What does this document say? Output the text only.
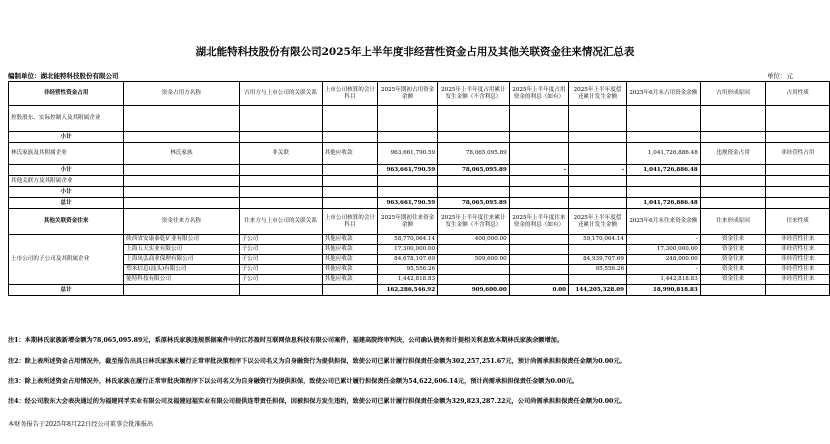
湖北能特科技股份有限公司2025年上半年度非经营性资金占用及其他关联资金往来情况汇总表
编制单位：湖北能特科技股份有限公司	单位：元
非经营性资金占用	资金占用方名称	占用方与上市公司的关联关系	上市公司核算的会计科目	2025年期初占用资金余额	2025年上半年度占用累计发生金额（不含利息）	2025年上半年度占用资金的利息（如有）	2025年上半年度偿还累计发生金额	2025年6月末占用资金余额	占用形成原因	占用性质
控股股东、实际控制人及其附属企业										
小计										
林氏家族及其附属企业	林氏家族	非关联	其他应收款	963,661,790.59	78,065,095.89			1,041,726,886.48	违规资金占用	非经营性占用
小计				963,661,790.59	78,065,095.89	-	-	1,041,726,886.48		
其他关联方及其附属企业										
小计										
总计				963,661,790.59	78,065,095.89			1,041,726,886.48		
其他关联资金往来	资金往来方名称	往来方与上市公司的关联关系	上市公司核算的会计科目	2025年期初往来资金余额	2025年上半年度往来累计发生金额（不含利息）	2025年上半年度往来资金的利息（如有）	2025年上半年度偿还累计发生金额	2025年6月末往来资金余额	往来形成原因	往来性质
上市公司的子公司及其附属企业	陕西省安康秦乾矿业有限公司	子公司	其他应收款	58,770,064.14	400,000.00		59,170,064.14	-	资金往来	非经营性往来
	上海五天实业有限公司	子公司	其他应收款	17,300,000.00				17,300,000.00	资金往来	非经营性往来
	上海凤弘商业保理有限公司	子公司	其他应收款	84,678,107.69	509,600.00		84,939,707.69	248,000.00	资金往来	非经营性往来
	塑米信息(汕头)有限公司	子公司	其他应收款	95,556.26			95,556.26	-	资金往来	非经营性往来
	能特科技有限公司	子公司	其他应收款	1,442,818.83				1,442,818.83	资金往来	非经营性往来
总计				162,286,546.92	909,600.00	0.00	144,205,328.09	18,990,818.83		
注1：本期林氏家族新增金额为78,065,095.89元，系原林氏家族违规票据案件中的江苏盈时互联网信息科技有限公司案件，福建高院终审判决，公司确认债务和计提相关利息致本期林氏家族余额增加。
注2：除上表所述资金占用情况外，截至报告出具日林氏家族未履行正常审批决策程序下以公司名义为自身融资行为提供担保，致使公司已累计履行担保责任金额为302,257,251.67元，预计尚需承担担保责任金额为0.00元。
注3：除上表所述资金占用情况外，林氏家族在履行正常审批决策程序下以公司名义为自身融资行为提供担保，致使公司已累计履行担保责任金额为54,622,606.14元，预计尚需承担担保责任金额为0.00元。
注4：经公司股东大会表决通过的为福建同孚实业有限公司及福建冠福实业有限公司提供连带责任担保，因被担保方发生违约，致使公司已累计履行担保责任金额为329,823,287.22元，公司尚需承担担保责任金额为0.00元。
本财务报告于2025年8月22日经公司董事会批准报出
